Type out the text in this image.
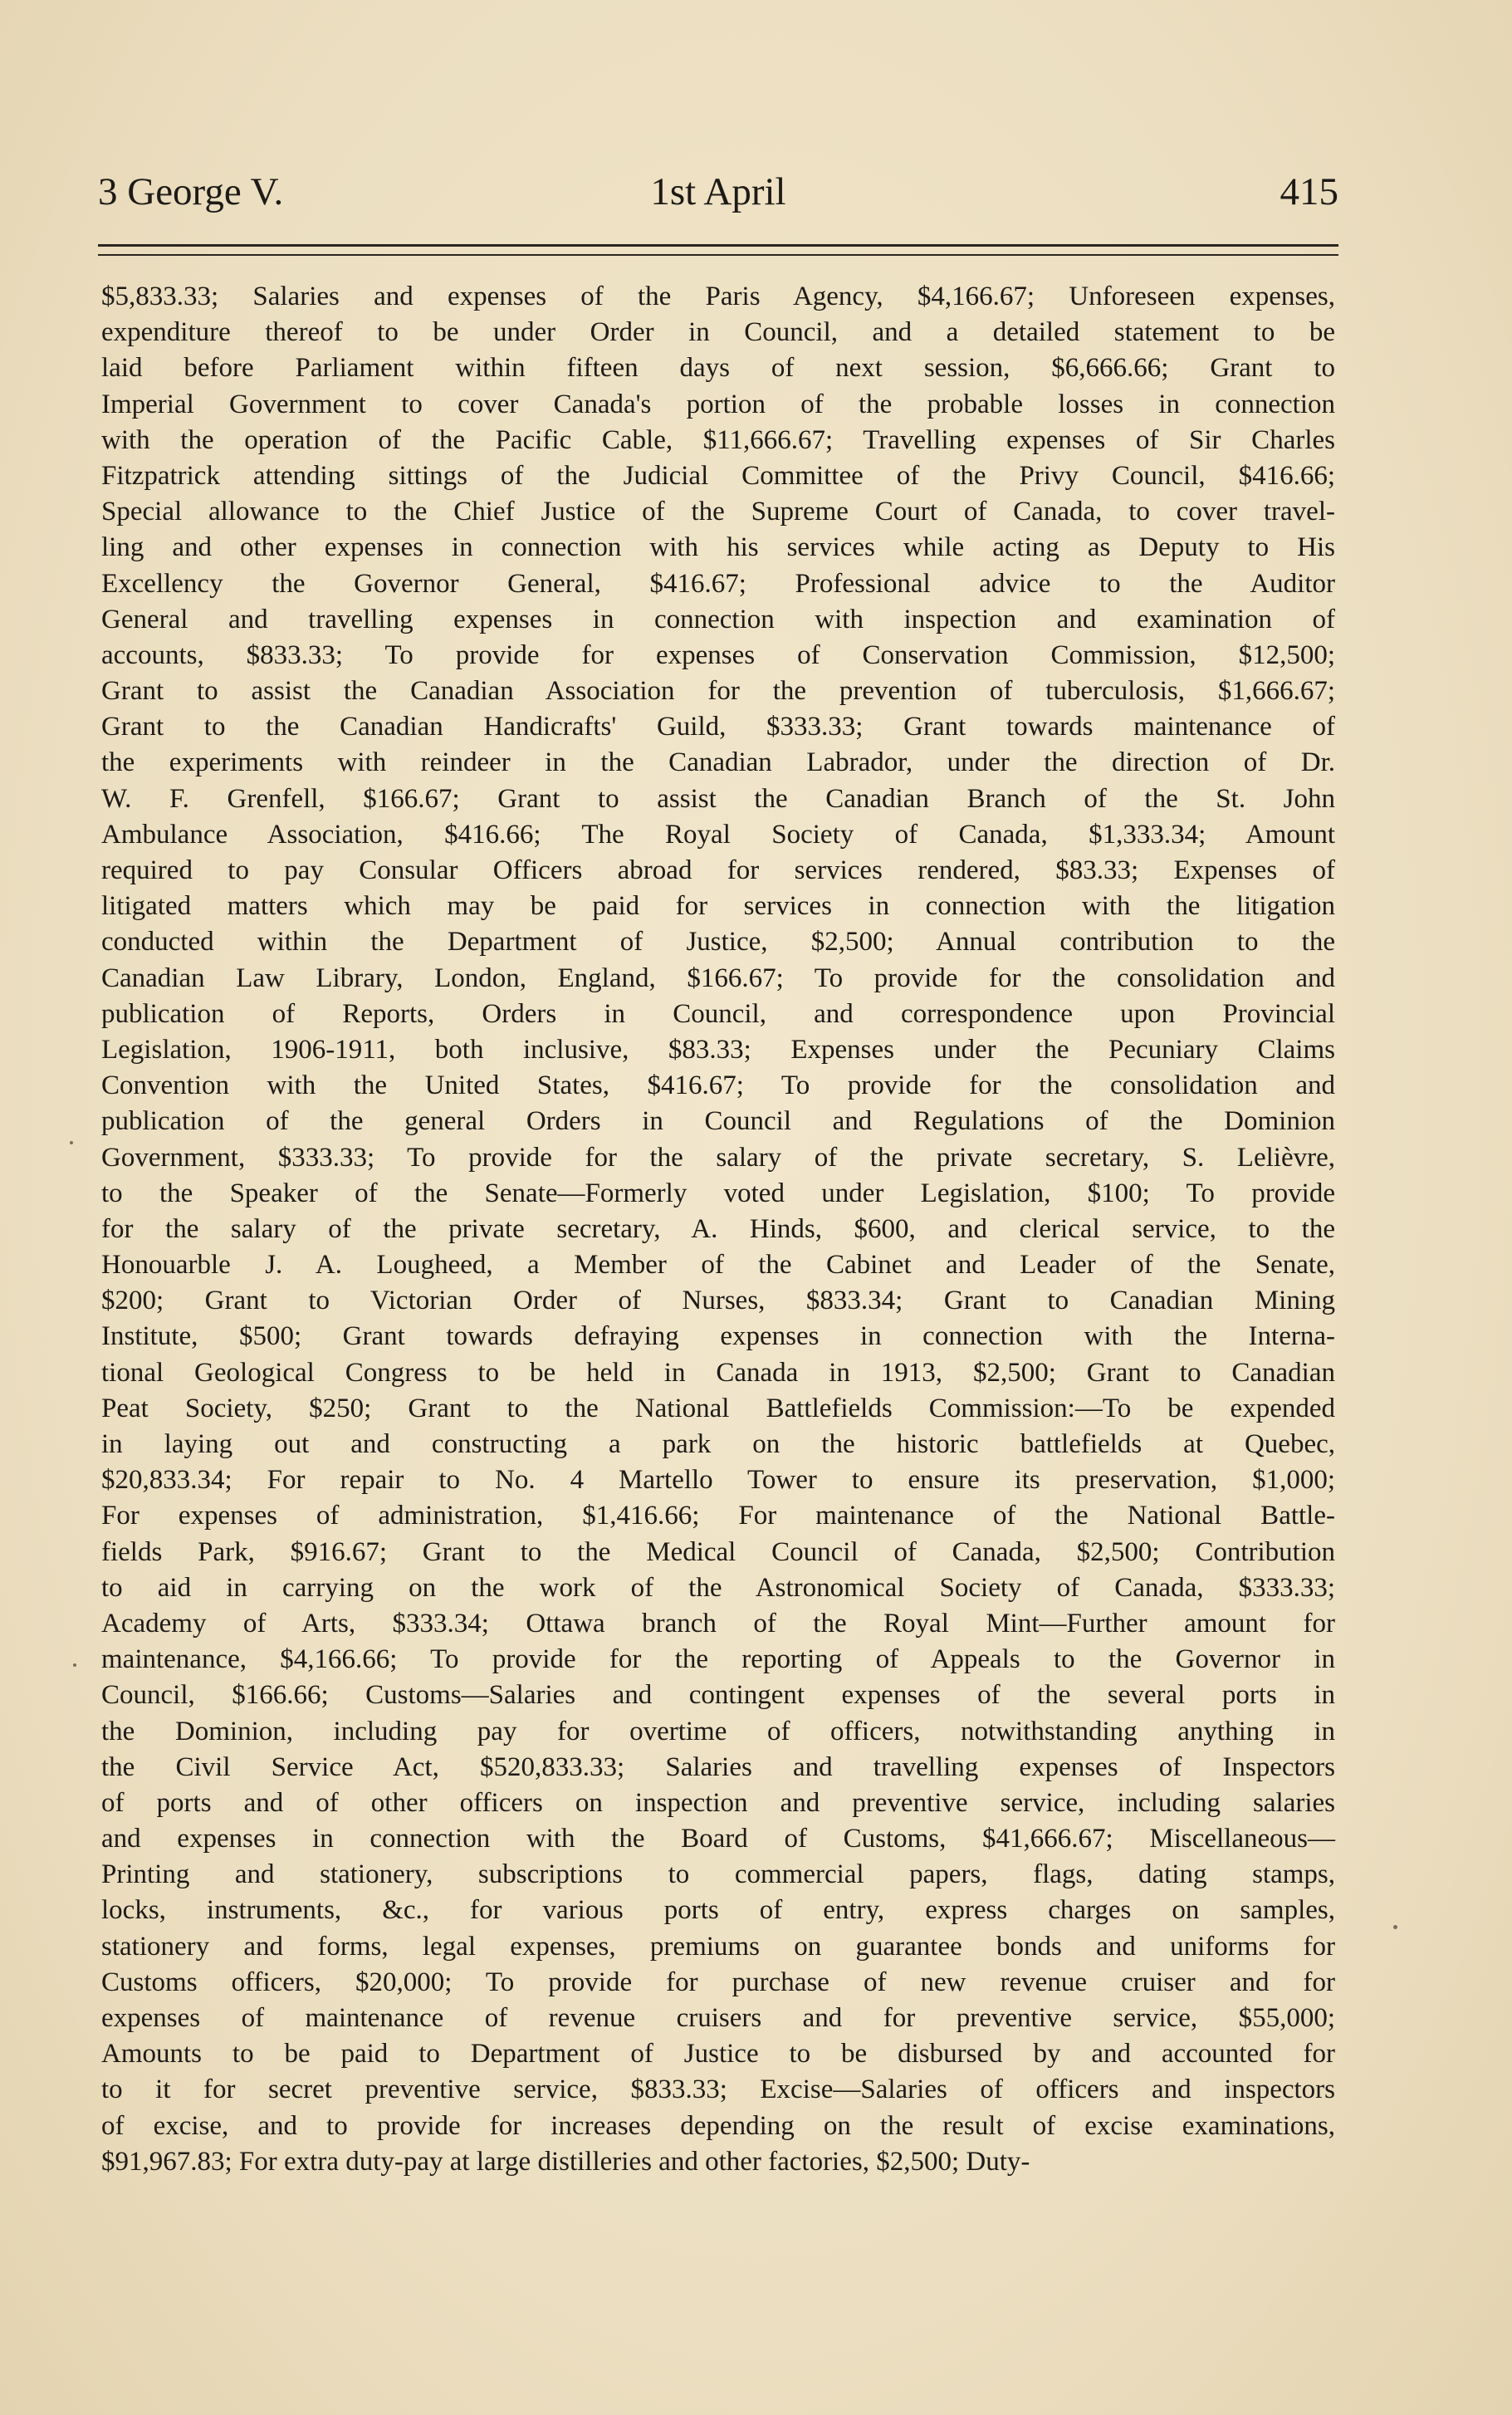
3 George V.	1st April	415
$5,833.33; Salaries and expenses of the Paris Agency, $4,166.67; Unforeseen expenses,
expenditure thereof to be under Order in Council, and a detailed statement to be
laid before Parliament within fifteen days of next session, $6,666.66; Grant to
Imperial Government to cover Canada's portion of the probable losses in connection
with the operation of the Pacific Cable, $11,666.67; Travelling expenses of Sir Charles
Fitzpatrick attending sittings of the Judicial Committee of the Privy Council, $416.66;
Special allowance to the Chief Justice of the Supreme Court of Canada, to cover travel-
ling and other expenses in connection with his services while acting as Deputy to His
Excellency the Governor General, $416.67; Professional advice to the Auditor
General and travelling expenses in connection with inspection and examination of
accounts, $833.33; To provide for expenses of Conservation Commission, $12,500;
Grant to assist the Canadian Association for the prevention of tuberculosis, $1,666.67;
Grant to the Canadian Handicrafts' Guild, $333.33; Grant towards maintenance of
the experiments with reindeer in the Canadian Labrador, under the direction of Dr.
W. F. Grenfell, $166.67; Grant to assist the Canadian Branch of the St. John
Ambulance Association, $416.66; The Royal Society of Canada, $1,333.34; Amount
required to pay Consular Officers abroad for services rendered, $83.33; Expenses of
litigated matters which may be paid for services in connection with the litigation
conducted within the Department of Justice, $2,500; Annual contribution to the
Canadian Law Library, London, England, $166.67; To provide for the consolidation and
publication of Reports, Orders in Council, and correspondence upon Provincial
Legislation, 1906-1911, both inclusive, $83.33; Expenses under the Pecuniary Claims
Convention with the United States, $416.67; To provide for the consolidation and
publication of the general Orders in Council and Regulations of the Dominion
Government, $333.33; To provide for the salary of the private secretary, S. Lelièvre,
to the Speaker of the Senate—Formerly voted under Legislation, $100; To provide
for the salary of the private secretary, A. Hinds, $600, and clerical service, to the
Honouarble J. A. Lougheed, a Member of the Cabinet and Leader of the Senate,
$200; Grant to Victorian Order of Nurses, $833.34; Grant to Canadian Mining
Institute, $500; Grant towards defraying expenses in connection with the Interna-
tional Geological Congress to be held in Canada in 1913, $2,500; Grant to Canadian
Peat Society, $250; Grant to the National Battlefields Commission:—To be expended
in laying out and constructing a park on the historic battlefields at Quebec,
$20,833.34; For repair to No. 4 Martello Tower to ensure its preservation, $1,000;
For expenses of administration, $1,416.66; For maintenance of the National Battle-
fields Park, $916.67; Grant to the Medical Council of Canada, $2,500; Contribution
to aid in carrying on the work of the Astronomical Society of Canada, $333.33;
Academy of Arts, $333.34; Ottawa branch of the Royal Mint—Further amount for
maintenance, $4,166.66; To provide for the reporting of Appeals to the Governor in
Council, $166.66; Customs—Salaries and contingent expenses of the several ports in
the Dominion, including pay for overtime of officers, notwithstanding anything in
the Civil Service Act, $520,833.33; Salaries and travelling expenses of Inspectors
of ports and of other officers on inspection and preventive service, including salaries
and expenses in connection with the Board of Customs, $41,666.67; Miscellaneous—
Printing and stationery, subscriptions to commercial papers, flags, dating stamps,
locks, instruments, &c., for various ports of entry, express charges on samples,
stationery and forms, legal expenses, premiums on guarantee bonds and uniforms for
Customs officers, $20,000; To provide for purchase of new revenue cruiser and for
expenses of maintenance of revenue cruisers and for preventive service, $55,000;
Amounts to be paid to Department of Justice to be disbursed by and accounted for
to it for secret preventive service, $833.33; Excise—Salaries of officers and inspectors
of excise, and to provide for increases depending on the result of excise examinations,
$91,967.83; For extra duty-pay at large distilleries and other factories, $2,500; Duty-
